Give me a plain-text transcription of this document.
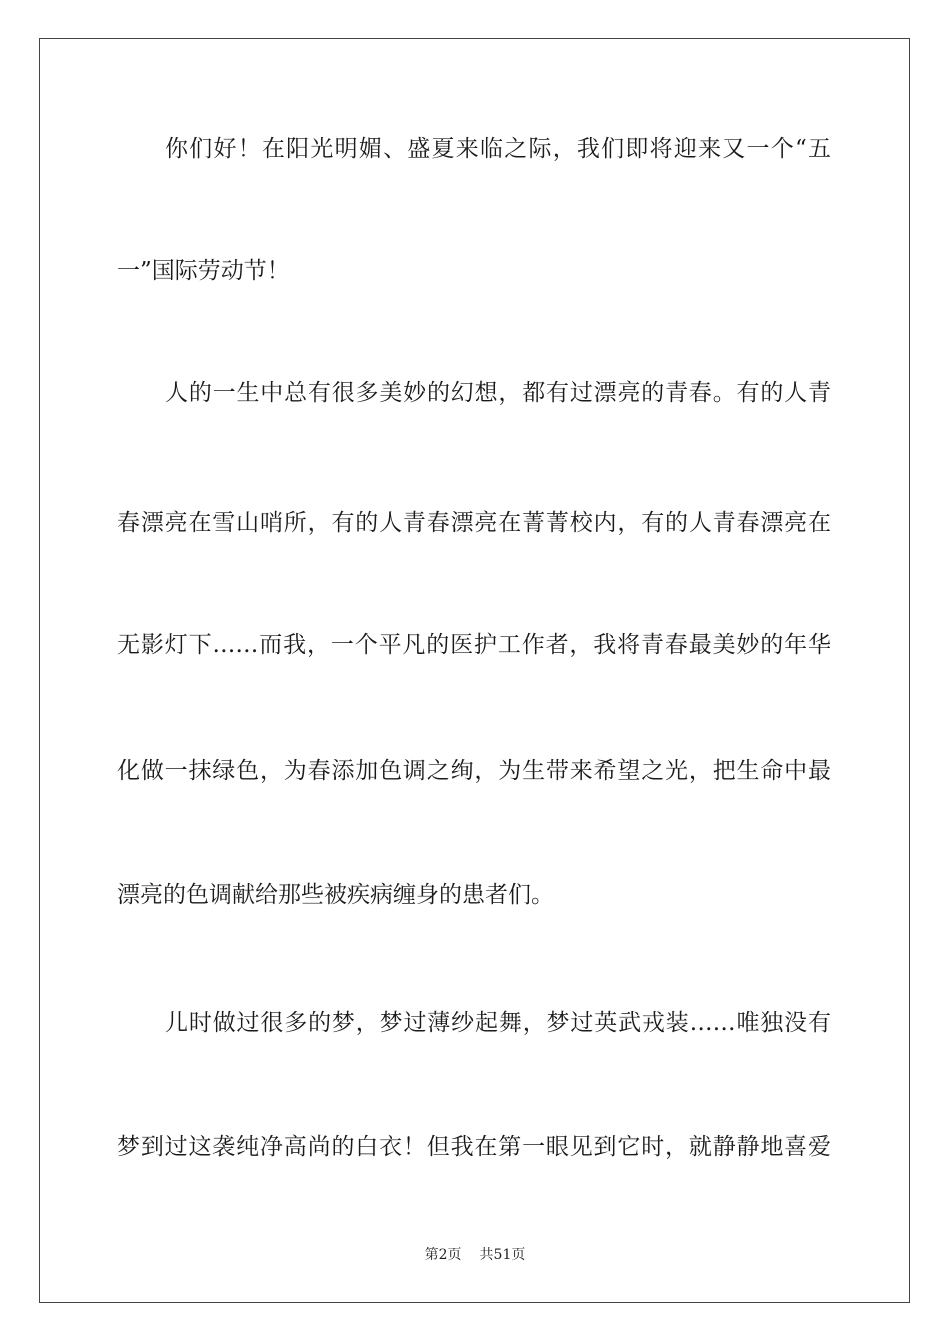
你们好！在阳光明媚、盛夏来临之际，我们即将迎来又一个“五
一”国际劳动节！
人的一生中总有很多美妙的幻想，都有过漂亮的青春。有的人青
春漂亮在雪山哨所，有的人青春漂亮在菁菁校内，有的人青春漂亮在
无影灯下……而我，一个平凡的医护工作者，我将青春最美妙的年华
化做一抹绿色，为春添加色调之绚，为生带来希望之光，把生命中最
漂亮的色调献给那些被疾病缠身的患者们。
儿时做过很多的梦，梦过薄纱起舞，梦过英武戎装……唯独没有
梦到过这袭纯净高尚的白衣！但我在第一眼见到它时，就静静地喜爱
第2页 共51页
